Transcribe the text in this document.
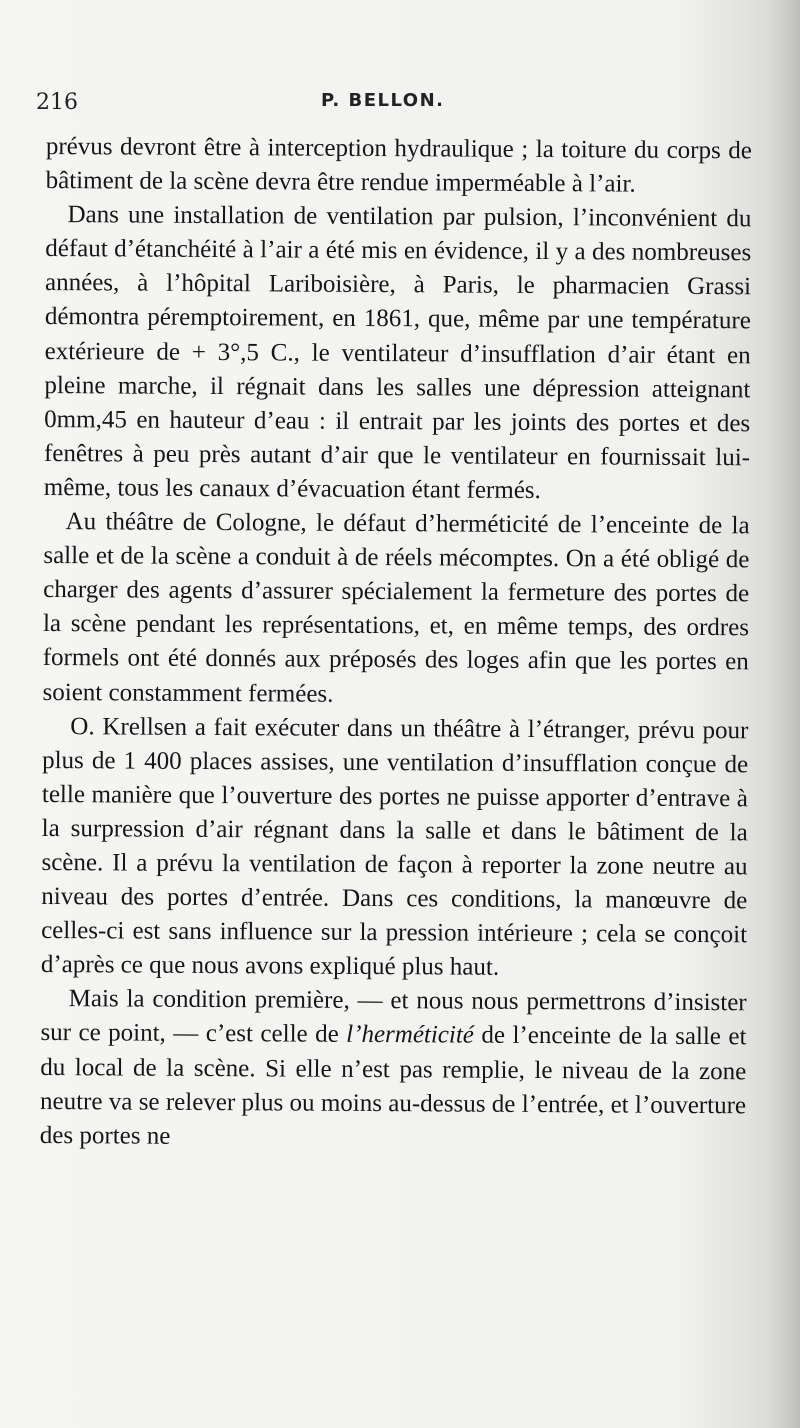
216	P. BELLON.

prévus devront être à interception hydraulique ; la toiture du corps de bâtiment de la scène devra être rendue imperméable à l’air.

Dans une installation de ventilation par pulsion, l’inconvénient du défaut d’étanchéité à l’air a été mis en évidence, il y a des nombreuses années, à l’hôpital Lariboisière, à Paris, le pharmacien Grassi démontra péremptoirement, en 1861, que, même par une température extérieure de + 3°,5 C., le ventilateur d’insufflation d’air étant en pleine marche, il régnait dans les salles une dépression atteignant 0mm,45 en hauteur d’eau : il entrait par les joints des portes et des fenêtres à peu près autant d’air que le ventilateur en fournissait lui-même, tous les canaux d’évacuation étant fermés.

Au théâtre de Cologne, le défaut d’herméticité de l’enceinte de la salle et de la scène a conduit à de réels mécomptes. On a été obligé de charger des agents d’assurer spécialement la fermeture des portes de la scène pendant les représentations, et, en même temps, des ordres formels ont été donnés aux préposés des loges afin que les portes en soient constamment fermées.

O. Krellsen a fait exécuter dans un théâtre à l’étranger, prévu pour plus de 1 400 places assises, une ventilation d’insufflation conçue de telle manière que l’ouverture des portes ne puisse apporter d’entrave à la surpression d’air régnant dans la salle et dans le bâtiment de la scène. Il a prévu la ventilation de façon à reporter la zone neutre au niveau des portes d’entrée. Dans ces conditions, la manœuvre de celles-ci est sans influence sur la pression intérieure ; cela se conçoit d’après ce que nous avons expliqué plus haut.

Mais la condition première, — et nous nous permettrons d’insister sur ce point, — c’est celle de l’herméticité de l’enceinte de la salle et du local de la scène. Si elle n’est pas remplie, le niveau de la zone neutre va se relever plus ou moins au-dessus de l’entrée, et l’ouverture des portes ne
